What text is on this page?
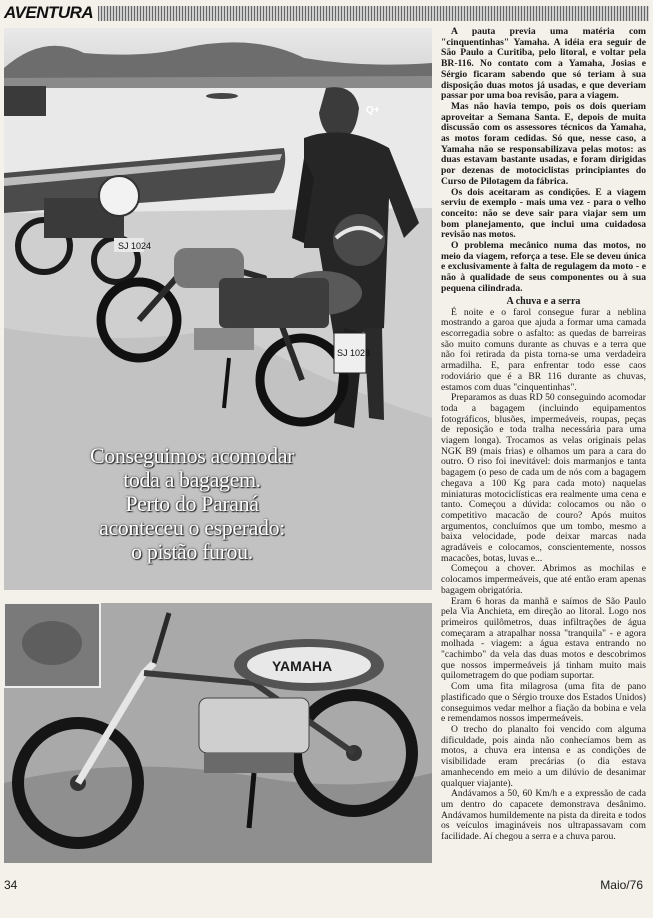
AVENTURA
SJ 1024
SJ 1028
Q+
Conseguimos acomodar
toda a bagagem.
Perto do Paraná
aconteceu o esperado:
o pistão furou.
YAMAHA

A pauta previa uma matéria com "cinquentinhas" Yamaha. A idéia era seguir de São Paulo a Curitiba, pelo litoral, e voltar pela BR-116. No contato com a Yamaha, Josias e Sérgio ficaram sabendo que só teriam à sua disposição duas motos já usadas, e que deveriam passar por uma boa revisão, para a viagem.

Mas não havia tempo, pois os dois queriam aproveitar a Semana Santa. E, depois de muita discussão com os assessores técnicos da Yamaha, as motos foram cedidas. Só que, nesse caso, a Yamaha não se responsabilizava pelas motos: as duas estavam bastante usadas, e foram dirigidas por dezenas de motociclistas principiantes do Curso de Pilotagem da fábrica.

Os dois aceitaram as condições. E a viagem serviu de exemplo - mais uma vez - para o velho conceito: não se deve sair para viajar sem um bom planejamento, que inclui uma cuidadosa revisão nas motos.

O problema mecânico numa das motos, no meio da viagem, reforça a tese. Ele se deveu única e exclusivamente à falta de regulagem da moto - e não à qualidade de seus componentes ou à sua pequena cilindrada.

A chuva e a serra

É noite e o farol consegue furar a neblina mostrando a garoa que ajuda a formar uma camada escorregadia sobre o asfalto: as quedas de barreiras são muito comuns durante as chuvas e a terra que não foi retirada da pista torna-se uma verdadeira armadilha. E, para enfrentar todo esse caos rodoviário que é a BR 116 durante as chuvas, estamos com duas "cinquentinhas".

Preparamos as duas RD 50 conseguindo acomodar toda a bagagem (incluindo equipamentos fotográficos, blusões, impermeáveis, roupas, peças de reposição e toda tralha necessária para uma viagem longa). Trocamos as velas originais pelas NGK B9 (mais frias) e olhamos um para a cara do outro. O riso foi inevitável: dois marmanjos e tanta bagagem (o peso de cada um de nós com a bagagem chegava a 100 Kg para cada moto) naquelas miniaturas motociclísticas era realmente uma cena e tanto. Começou a dúvida: colocamos ou não o competitivo macacão de couro? Após muitos argumentos, concluímos que um tombo, mesmo a baixa velocidade, pode deixar marcas nada agradáveis e colocamos, conscientemente, nossos macacões, botas, luvas e...

Começou a chover. Abrimos as mochilas e colocamos impermeáveis, que até então eram apenas bagagem obrigatória.

Eram 6 horas da manhã e saímos de São Paulo pela Via Anchieta, em direção ao litoral. Logo nos primeiros quilômetros, duas infiltrações de água começaram a atrapalhar nossa "tranquila" - e agora molhada - viagem: a água estava entrando no "cachimbo" da vela das duas motos e descobrimos que nossos impermeáveis já tinham muito mais quilometragem do que podiam suportar.

Com uma fita milagrosa (uma fita de pano plastificado que o Sérgio trouxe dos Estados Unidos) conseguimos vedar melhor a fiação da bobina e vela e remendamos nossos impermeáveis.

O trecho do planalto foi vencido com alguma dificuldade, pois ainda não conhecíamos bem as motos, a chuva era intensa e as condições de visibilidade eram precárias (o dia estava amanhecendo em meio a um dilúvio de desanimar qualquer viajante).

Andávamos a 50, 60 Km/h e a expressão de cada um dentro do capacete demonstrava desânimo. Andávamos humildemente na pista da direita e todos os veículos imagináveis nos ultrapassavam com facilidade. Aí chegou a serra e a chuva parou.

34	Maio/76
